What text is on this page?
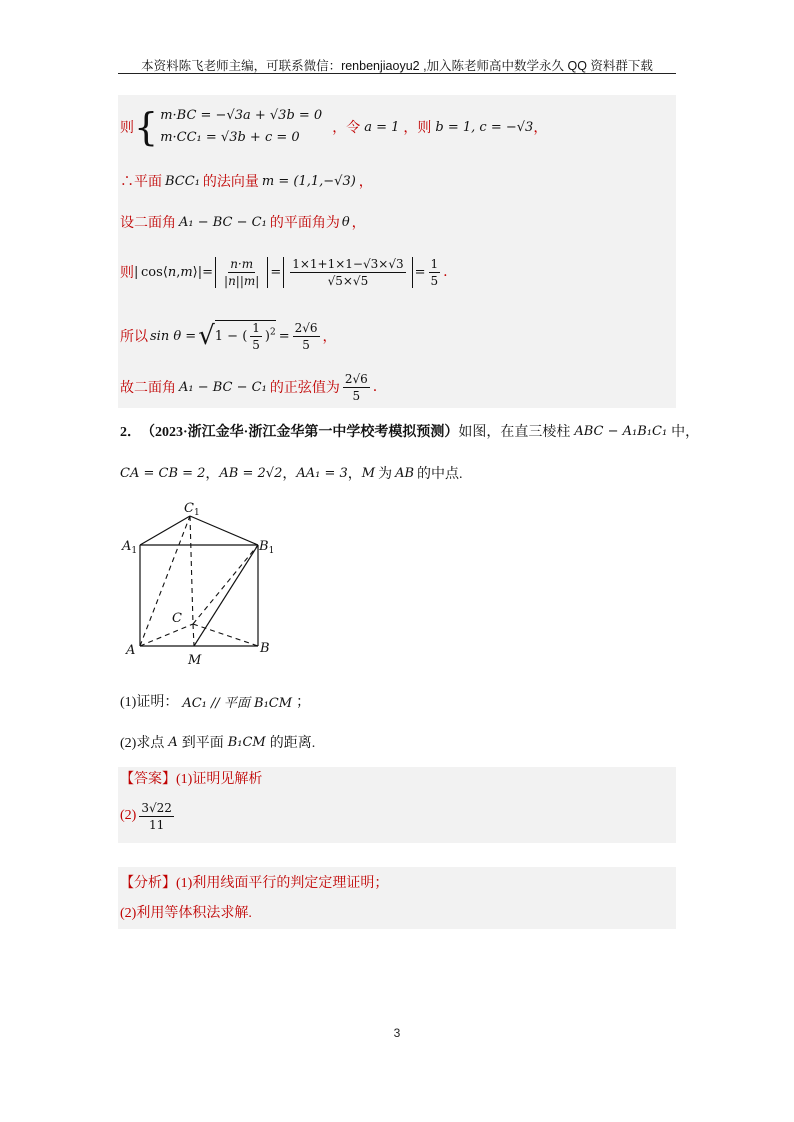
本资料陈飞老师主编，可联系微信：renbenjiaoyu2 ,加入陈老师高中数学永久 QQ 资料群下载
则 { m·BC = −√3a + √3b = 0
m·CC₁ = √3b + c = 0
，令 a = 1 ，则 b = 1, c = −√3 ，
∴平面 BCC₁ 的法向量 m = (1,1,−√3) ，
设二面角 A₁ − BC − C₁ 的平面角为 θ ，
则 | cos⟨n,m⟩|= $\frac{n\cdot m}{|n||m|} = \frac{1\times 1+1\times 1-√3\times√3}{√5\times√5} = \frac{1}{5}$ .
所以 sin θ = √ 1 − ( $\frac{1}{5} )^2 = \frac{2√6}{5}$ ，
故二面角 A₁ − BC − C₁ 的正弦值为 $\frac{2√6}{5}$ .
2． （2023·浙江金华·浙江金华第一中学校考模拟预测） 如图，在直三棱柱 ABC − A₁B₁C₁ 中，
CA = CB = 2 ， AB = 2√2 ， AA₁ = 3 ， M 为 AB 的中点.
$C_1$
$A_1$	$B_1$
C
A	B
M
(1)证明： AC₁ // 平面 B₁CM ；
(2)求点 A 到平面 B₁CM 的距离.
【答案】 (1)证明见解析
$(2) \frac{3√22}{11}$
【分析】 (1)利用线面平行的判定定理证明；
(2)利用等体积法求解.
3
